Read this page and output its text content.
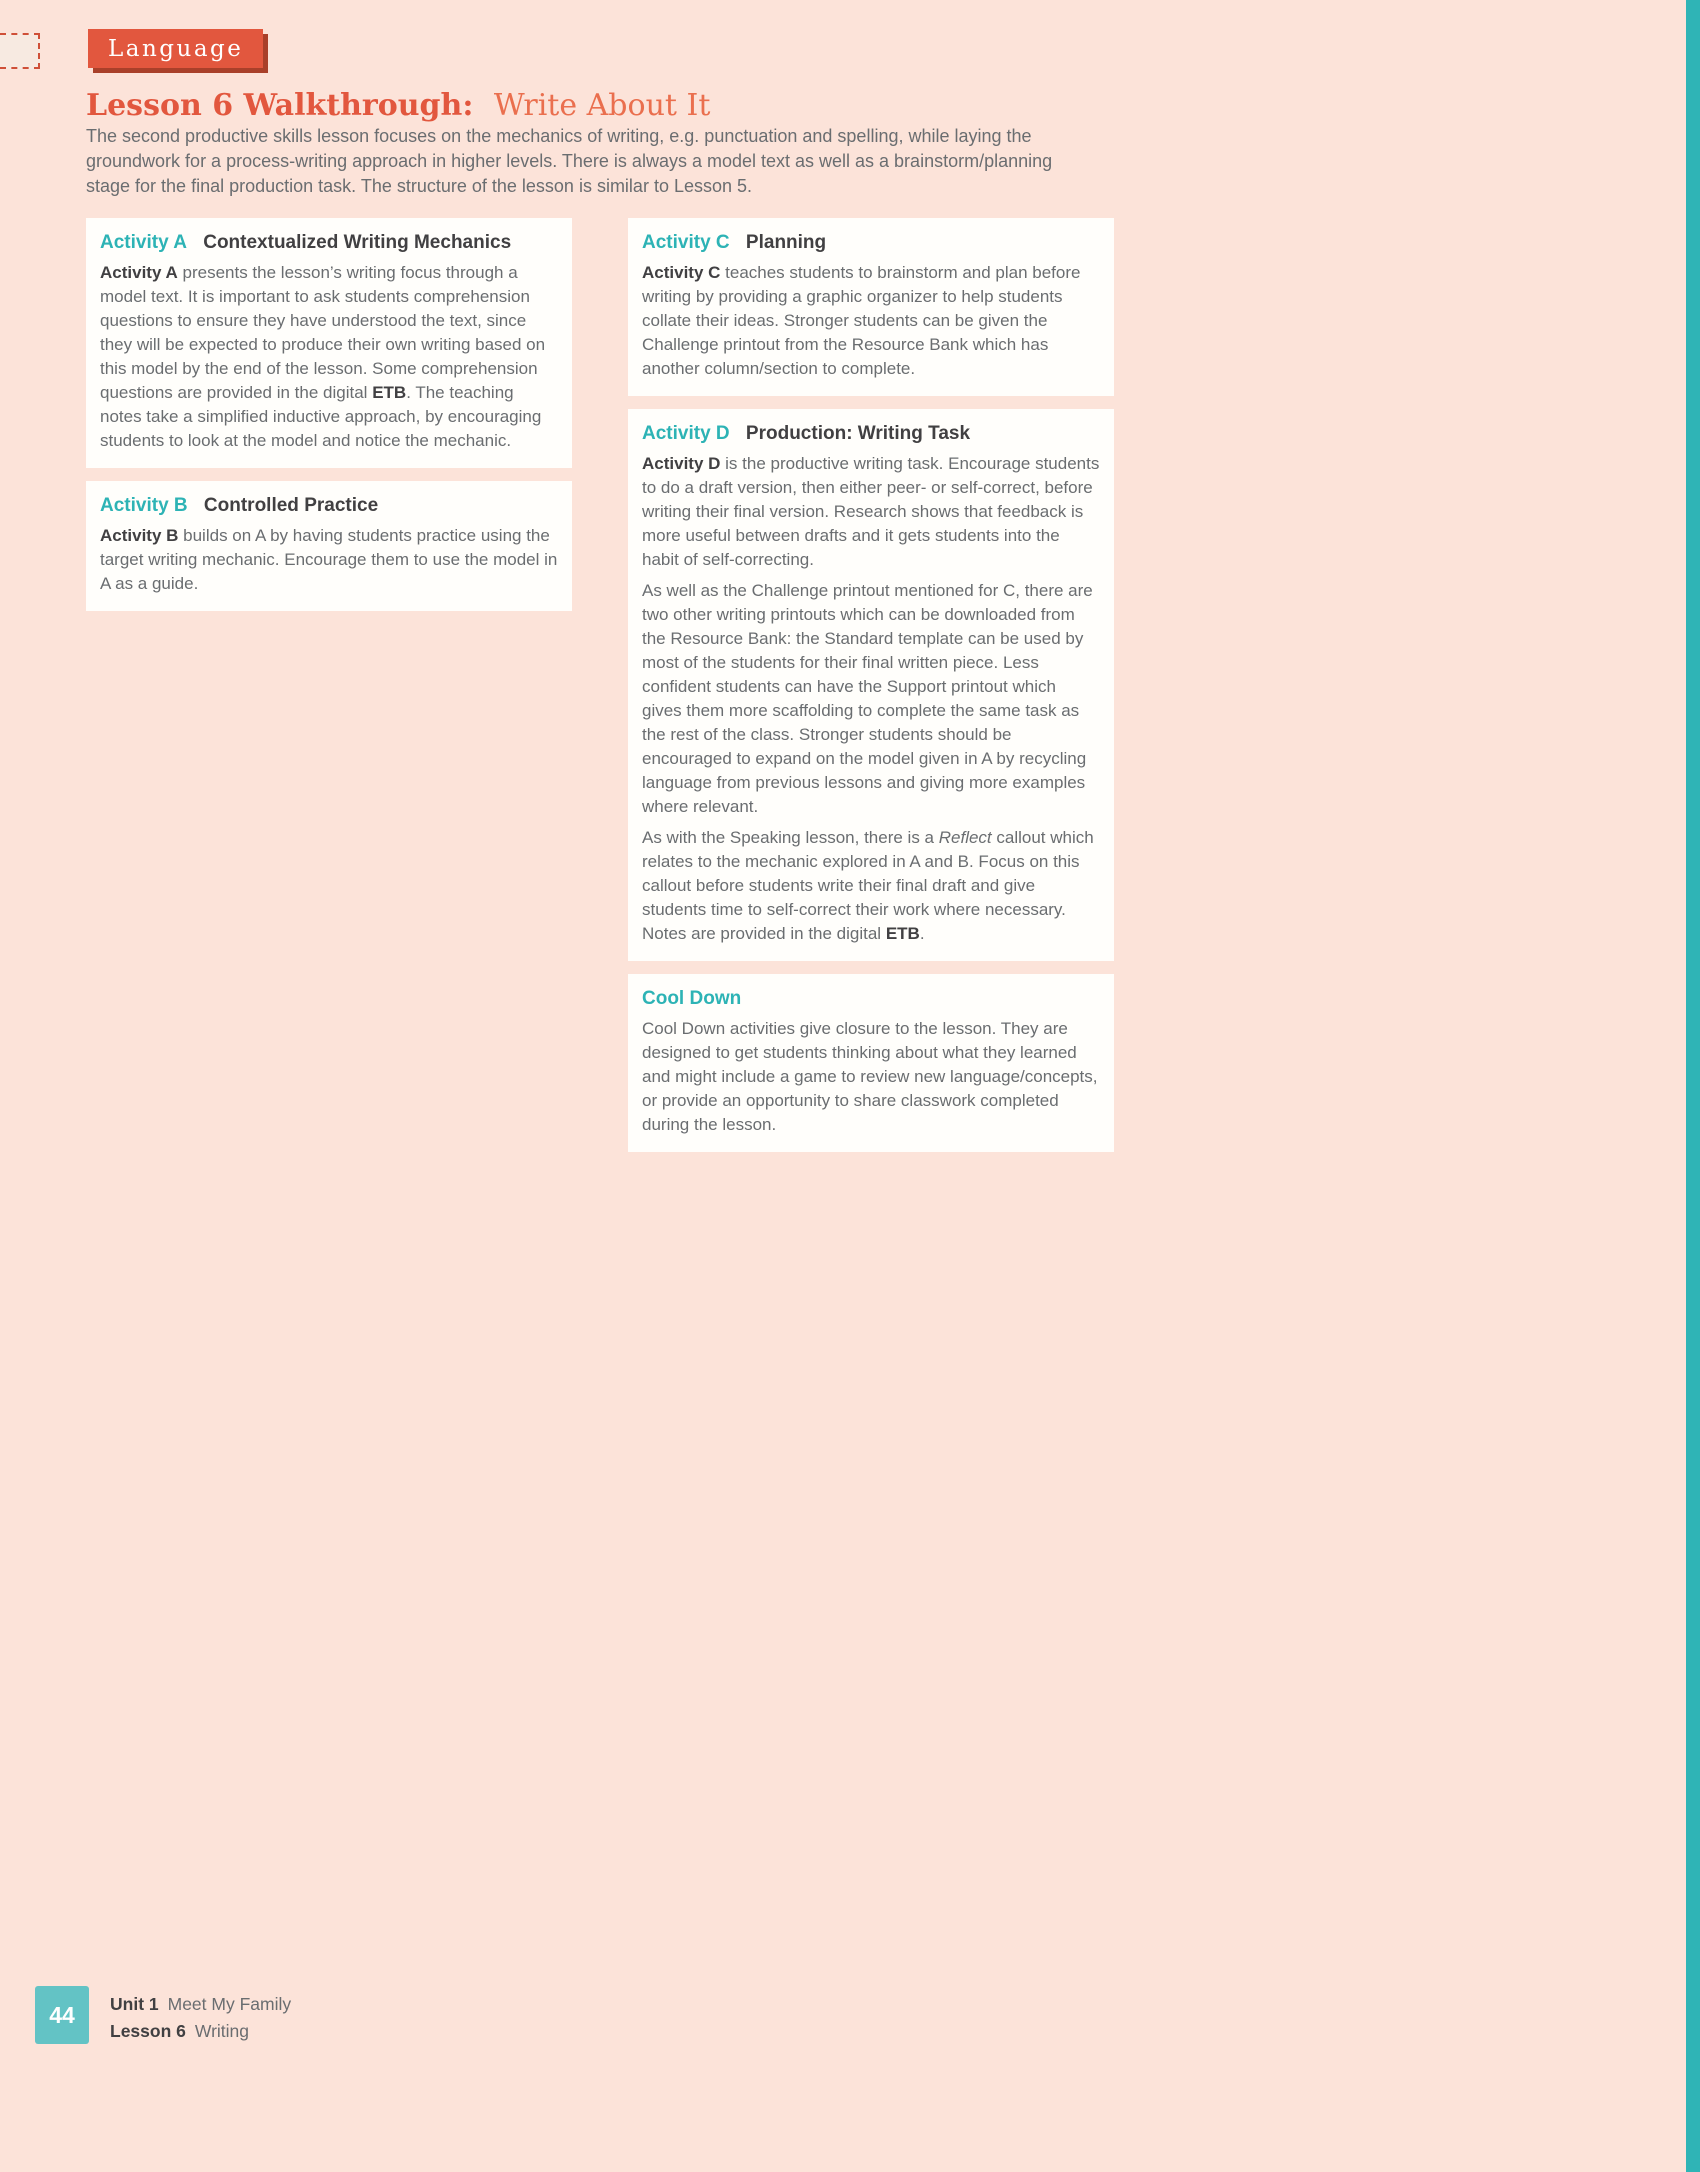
Language
Lesson 6 Walkthrough: Write About It

The second productive skills lesson focuses on the mechanics of writing, e.g. punctuation and spelling, while laying the groundwork for a process-writing approach in higher levels. There is always a model text as well as a brainstorm/planning stage for the final production task. The structure of the lesson is similar to Lesson 5.

Activity A Contextualized Writing Mechanics

Activity A presents the lesson’s writing focus through a model text. It is important to ask students comprehension questions to ensure they have understood the text, since they will be expected to produce their own writing based on this model by the end of the lesson. Some comprehension questions are provided in the digital ETB. The teaching notes take a simplified inductive approach, by encouraging students to look at the model and notice the mechanic.

Activity B Controlled Practice

Activity B builds on A by having students practice using the target writing mechanic. Encourage them to use the model in A as a guide.

Activity C Planning

Activity C teaches students to brainstorm and plan before writing by providing a graphic organizer to help students collate their ideas. Stronger students can be given the Challenge printout from the Resource Bank which has another column/section to complete.

Activity D Production: Writing Task

Activity D is the productive writing task. Encourage students to do a draft version, then either peer- or self-correct, before writing their final version. Research shows that feedback is more useful between drafts and it gets students into the habit of self-correcting.

As well as the Challenge printout mentioned for C, there are two other writing printouts which can be downloaded from the Resource Bank: the Standard template can be used by most of the students for their final written piece. Less confident students can have the Support printout which gives them more scaffolding to complete the same task as the rest of the class. Stronger students should be encouraged to expand on the model given in A by recycling language from previous lessons and giving more examples where relevant.

As with the Speaking lesson, there is a Reflect callout which relates to the mechanic explored in A and B. Focus on this callout before students write their final draft and give students time to self-correct their work where necessary. Notes are provided in the digital ETB.

Cool Down

Cool Down activities give closure to the lesson. They are designed to get students thinking about what they learned and might include a game to review new language/concepts, or provide an opportunity to share classwork completed during the lesson.

44 Unit 1 Meet My Family
Lesson 6 Writing
